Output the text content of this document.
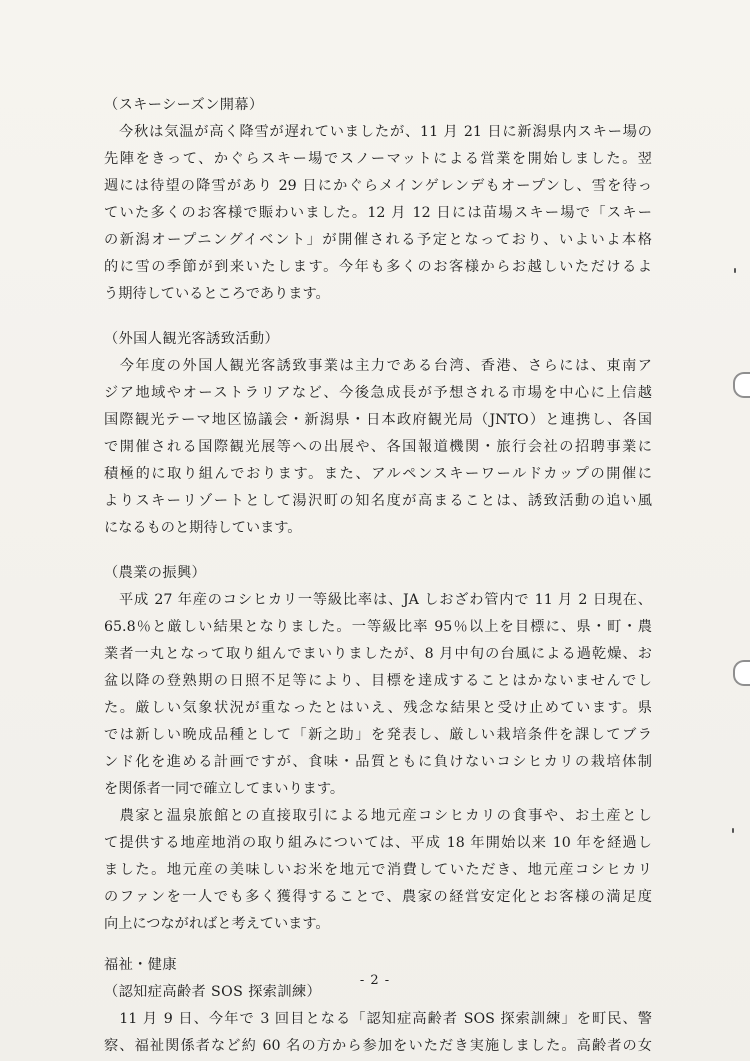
（スキーシーズン開幕）

　今秋は気温が高く降雪が遅れていましたが、11 月 21 日に新潟県内スキー場の
先陣をきって、かぐらスキー場でスノーマットによる営業を開始しました。翌
週には待望の降雪があり 29 日にかぐらメインゲレンデもオープンし、雪を待っ
ていた多くのお客様で賑わいました。12 月 12 日には苗場スキー場で「スキー
の新潟オープニングイベント」が開催される予定となっており、いよいよ本格
的に雪の季節が到来いたします。今年も多くのお客様からお越しいただけるよ
う期待しているところであります。

（外国人観光客誘致活動）

　今年度の外国人観光客誘致事業は主力である台湾、香港、さらには、東南ア
ジア地域やオーストラリアなど、今後急成長が予想される市場を中心に上信越
国際観光テーマ地区協議会・新潟県・日本政府観光局（JNTO）と連携し、各国
で開催される国際観光展等への出展や、各国報道機関・旅行会社の招聘事業に
積極的に取り組んでおります。また、アルペンスキーワールドカップの開催に
よりスキーリゾートとして湯沢町の知名度が高まることは、誘致活動の追い風
になるものと期待しています。

（農業の振興）

　平成 27 年産のコシヒカリ一等級比率は、JA しおざわ管内で 11 月 2 日現在、
65.8％と厳しい結果となりました。一等級比率 95％以上を目標に、県・町・農
業者一丸となって取り組んでまいりましたが、8 月中旬の台風による過乾燥、お
盆以降の登熟期の日照不足等により、目標を達成することはかないませんでし
た。厳しい気象状況が重なったとはいえ、残念な結果と受け止めています。県
では新しい晩成品種として「新之助」を発表し、厳しい栽培条件を課してブラ
ンド化を進める計画ですが、食味・品質ともに負けないコシヒカリの栽培体制
を関係者一同で確立してまいります。
　農家と温泉旅館との直接取引による地元産コシヒカリの食事や、お土産とし
て提供する地産地消の取り組みについては、平成 18 年開始以来 10 年を経過し
ました。地元産の美味しいお米を地元で消費していただき、地元産コシヒカリ
のファンを一人でも多く獲得することで、農家の経営安定化とお客様の満足度
向上につながればと考えています。

福祉・健康

（認知症高齢者 SOS 探索訓練）

　11 月 9 日、今年で 3 回目となる「認知症高齢者 SOS 探索訓練」を町民、警
察、福祉関係者など約 60 名の方から参加をいただき実施しました。高齢者の女
- 2 -
